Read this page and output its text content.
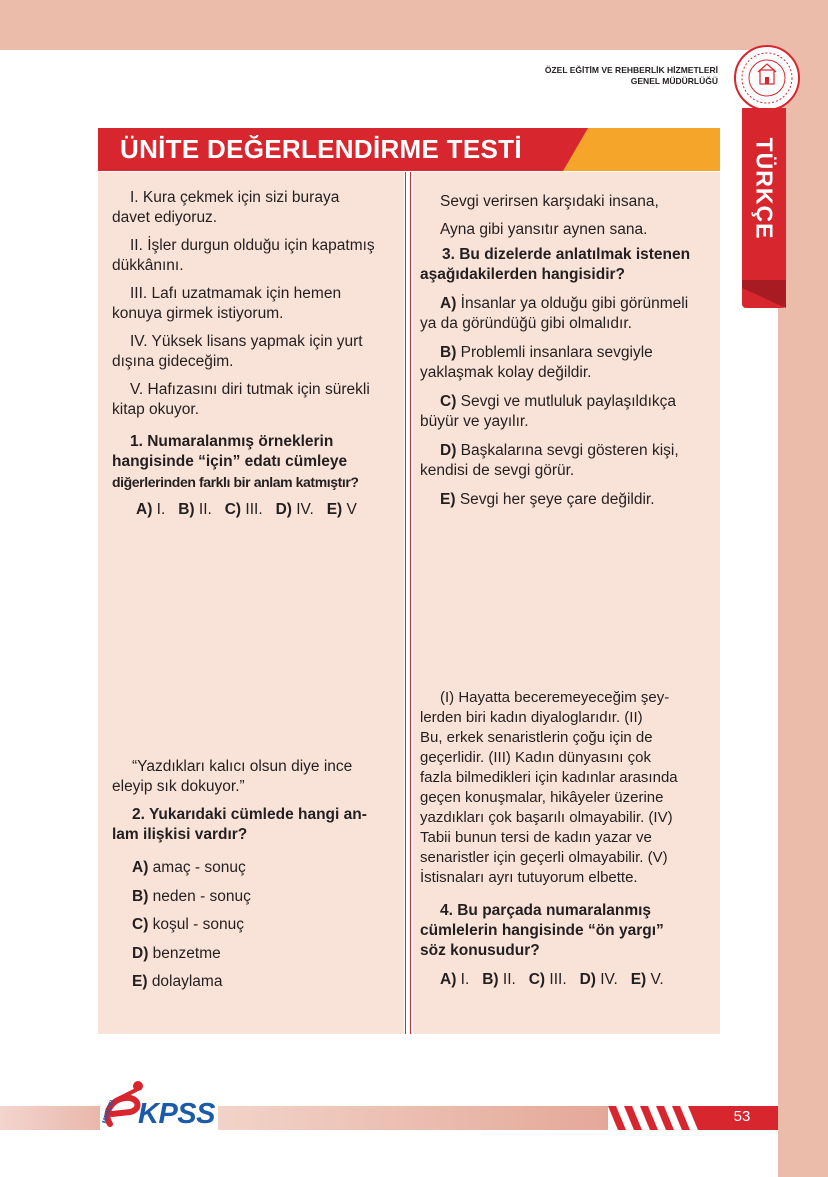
ÖZEL EĞİTİM VE REHBERLİK HİZMETLERİ
GENEL MÜDÜRLÜĞÜ
TÜRKÇE
ÜNİTE DEĞERLENDİRME TESTİ
I. Kura çekmek için sizi buraya
davet ediyoruz.
II. İşler durgun olduğu için kapatmış
dükkânını.
III. Lafı uzatmamak için hemen
konuya girmek istiyorum.
IV. Yüksek lisans yapmak için yurt
dışına gideceğim.
V. Hafızasını diri tutmak için sürekli
kitap okuyor.
1. Numaralanmış örneklerin
hangisinde “için” edatı cümleye
diğerlerinden farklı bir anlam katmıştır?
A) I. B) II. C) III. D) IV. E) V
“Yazdıkları kalıcı olsun diye ince
eleyip sık dokuyor.”
2. Yukarıdaki cümlede hangi an-
lam ilişkisi vardır?
A) amaç - sonuç
B) neden - sonuç
C) koşul - sonuç
D) benzetme
E) dolaylama
Sevgi verirsen karşıdaki insana,
Ayna gibi yansıtır aynen sana.
3. Bu dizelerde anlatılmak istenen
aşağıdakilerden hangisidir?
A) İnsanlar ya olduğu gibi görünmeli
ya da göründüğü gibi olmalıdır.
B) Problemli insanlara sevgiyle
yaklaşmak kolay değildir.
C) Sevgi ve mutluluk paylaşıldıkça
büyür ve yayılır.
D) Başkalarına sevgi gösteren kişi,
kendisi de sevgi görür.
E) Sevgi her şeye çare değildir.
(I) Hayatta beceremeyeceğim şey-
lerden biri kadın diyaloglarıdır. (II)
Bu, erkek senaristlerin çoğu için de
geçerlidir. (III) Kadın dünyasını çok
fazla bilmedikleri için kadınlar arasında
geçen konuşmalar, hikâyeler üzerine
yazdıkları çok başarılı olmayabilir. (IV)
Tabii bunun tersi de kadın yazar ve
senaristler için geçerli olmayabilir. (V)
İstisnaları ayrı tutuyorum elbette.
4. Bu parçada numaralanmış
cümlelerin hangisinde “ön yargı”
söz konusudur?
A) I. B) II. C) III. D) IV. E) V.
53
MEBİZEL KPSS
